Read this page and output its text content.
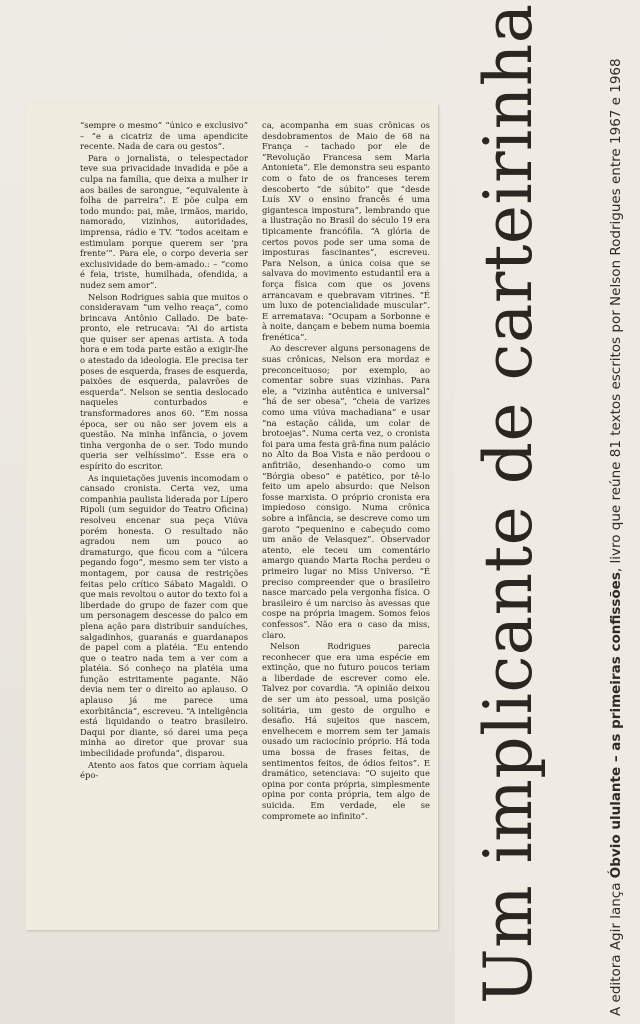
“sempre o mesmo” “único e exclusivo” – “e a cicatriz de uma apendicite recente. Nada de cara ou gestos”.

Para o jornalista, o telespectador teve sua privacidade invadida e põe a culpa na família, que deixa a mulher ir aos bailes de sarongue, “equivalente à folha de parreira”. E põe culpa em todo mundo: pai, mãe, irmãos, marido, namorado, vizinhos, autoridades, imprensa, rádio e TV. “todos aceitam e estimulam porque querem ser ‘pra frente’”. Para ele, o corpo deveria ser exclusividade do bem-amado.: – “como é feia, triste, humilhada, ofendida, a nudez sem amor”.

Nelson Rodrigues sabia que muitos o consideravam “um velho reaça”, como brincava Antônio Callado. De bate-pronto, ele retrucava: “Ai do artista que quiser ser apenas artista. A toda hora e em toda parte estão a exigir-lhe o atestado da ideologia. Ele precisa ter poses de esquerda, frases de esquerda, paixões de esquerda, palavrões de esquerda”. Nelson se sentia deslocado naqueles conturbados e transformadores anos 60. “Em nossa época, ser ou não ser jovem eis a questão. Na minha infância, o jovem tinha vergonha de o ser. Todo mundo queria ser velhíssimo”. Esse era o espírito do escritor.

As inquietações juvenis incomodam o cansado cronista. Certa vez, uma companhia paulista liderada por Lípero Ripoli (um seguidor do Teatro Oficina) resolveu encenar sua peça Viúva porém honesta. O resultado não agradou nem um pouco ao dramaturgo, que ficou com a “úlcera pegando fogo”, mesmo sem ter visto a montagem, por causa de restrições feitas pelo crítico Sábato Magaldi. O que mais revoltou o autor do texto foi a liberdade do grupo de fazer com que um personagem descesse do palco em plena ação para distribuir sanduíches, salgadinhos, guaranás e guardanapos de papel com a platéia. “Eu entendo que o teatro nada tem a ver com a platéia. Só conheço na platéia uma função estritamente pagante. Não devia nem ter o direito ao aplauso. O aplauso já me parece uma exorbitância”, escreveu. “A inteligência está liquidando o teatro brasileiro. Daqui por diante, só darei uma peça minha ao diretor que provar sua imbecilidade profunda”, disparou.

Atento aos fatos que corriam àquela épo-

ca, acompanha em suas crônicas os desdobramentos de Maio de 68 na França – tachado por ele de “Revolução Francesa sem Maria Antonieta”. Ele demonstra seu espanto com o fato de os franceses terem descoberto “de súbito” que “desde Luís XV o ensino francês é uma gigantesca impostura”, lembrando que a ilustração no Brasil do século 19 era tipicamente francófila. “A glória de certos povos pode ser uma soma de imposturas fascinantes”, escreveu. Para Nelson, a única coisa que se salvava do movimento estudantil era a força física com que os jovens arrancavam e quebravam vitrines. “É um luxo de potencialidade muscular”. E arrematava: “Ocupam a Sorbonne e à noite, dançam e bebem numa boemia frenética”.

Ao descrever alguns personagens de suas crônicas, Nelson era mordaz e preconceituoso; por exemplo, ao comentar sobre suas vizinhas. Para ele, a “vizinha autêntica e universal” “há de ser obesa”, “cheia de varizes como uma viúva machadiana” e usar “na estação cálida, um colar de brotoejas”. Numa certa vez, o cronista foi para uma festa grã-fina num palácio no Alto da Boa Vista e não perdoou o anfitrião, desenhando-o como um “Bórgia obeso” e patético, por tê-lo feito um apelo absurdo: que Nelson fosse marxista. O próprio cronista era impiedoso consigo. Numa crônica sobre a infância, se descreve como um garoto “pequenino e cabeçudo como um anão de Velasquez”. Observador atento, ele teceu um comentário amargo quando Marta Rocha perdeu o primeiro lugar no Miss Universo. “É preciso compreender que o brasileiro nasce marcado pela vergonha física. O brasileiro é um narciso às avessas que cospe na própria imagem. Somos feios confessos”. Não era o caso da miss, claro.

Nelson Rodrigues parecia reconhecer que era uma espécie em extinção, que no futuro poucos teriam a liberdade de escrever como ele. Talvez por covardia. “A opinião deixou de ser um ato pessoal, uma posição solitária, um gesto de orgulho e desafio. Há sujeitos que nascem, envelhecem e morrem sem ter jamais ousado um raciocínio próprio. Há toda uma bossa de frases feitas, de sentimentos feitos, de ódios feitos”. E dramático, setenciava: “O sujeito que opina por conta própria, simplesmente opina por conta própria, tem algo de suicida. Em verdade, ele se compromete ao infinito”.	Um implicante de carteirinha	A editora Agir lança Óbvio ululante – as primeiras confissões, livro que reúne 81 textos escritos por Nelson Rodrigues entre 1967 e 1968
